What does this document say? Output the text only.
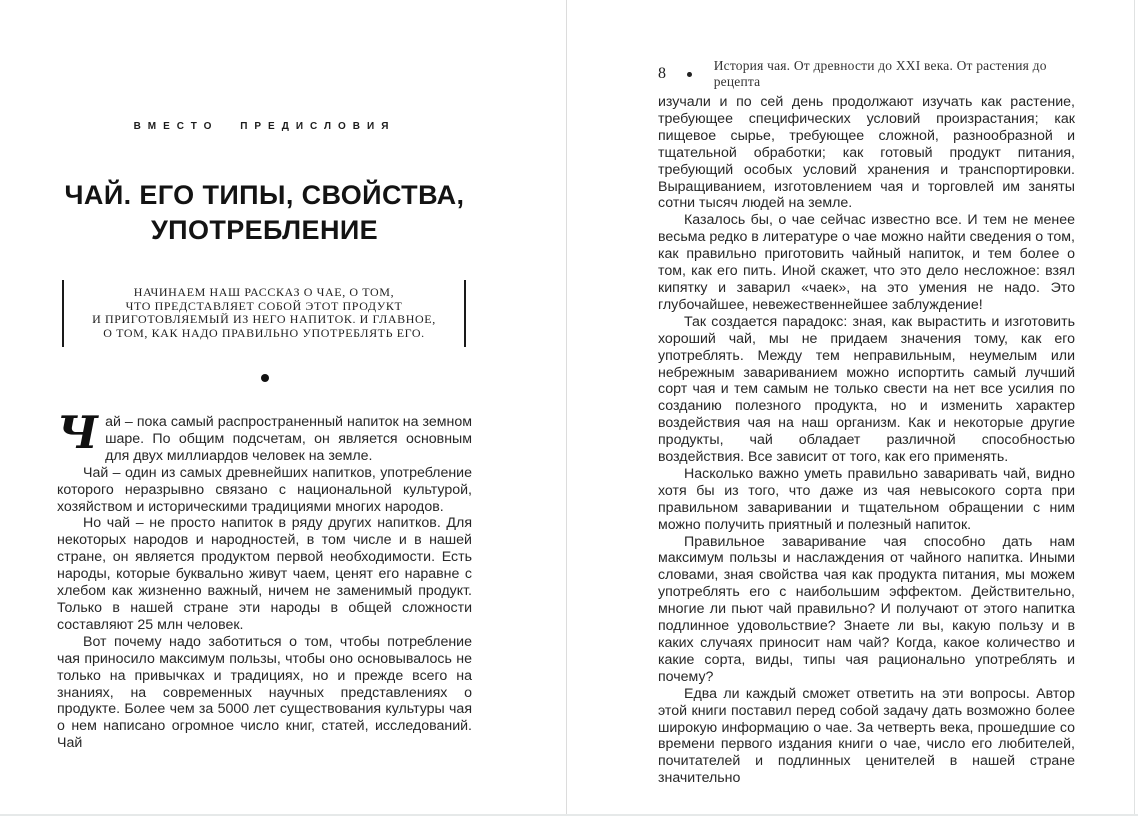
ВМЕСТО ПРЕДИСЛОВИЯ
ЧАЙ. ЕГО ТИПЫ, СВОЙСТВА,
УПОТРЕБЛЕНИЕ
НАЧИНАЕМ НАШ РАССКАЗ О ЧАЕ, О ТОМ,
ЧТО ПРЕДСТАВЛЯЕТ СОБОЙ ЭТОТ ПРОДУКТ
И ПРИГОТОВЛЯЕМЫЙ ИЗ НЕГО НАПИТОК. И ГЛАВНОЕ,
О ТОМ, КАК НАДО ПРАВИЛЬНО УПОТРЕБЛЯТЬ ЕГО.

Чай – пока самый распространенный напиток на земном шаре. По общим подсчетам, он является основным для двух миллиардов человек на земле.

Чай – один из самых древнейших напитков, употребление которого неразрывно связано с национальной культурой, хозяйством и историческими традициями многих народов.

Но чай – не просто напиток в ряду других напитков. Для некоторых народов и народностей, в том числе и в нашей стране, он является продуктом первой необходимости. Есть народы, которые буквально живут чаем, ценят его наравне с хлебом как жизненно важный, ничем не заменимый продукт. Только в нашей стране эти народы в общей сложности составляют 25 млн человек.

Вот почему надо заботиться о том, чтобы потребление чая приносило максимум пользы, чтобы оно основывалось не только на привычках и традициях, но и прежде всего на знаниях, на современных научных представлениях о продукте. Более чем за 5000 лет существования культуры чая о нем написано огромное число книг, статей, исследований. Чай

8	История чая. От древности до XXI века. От растения до рецепта

изучали и по сей день продолжают изучать как растение, требующее специфических условий произрастания; как пищевое сырье, требующее сложной, разнообразной и тщательной обработки; как готовый продукт питания, требующий особых условий хранения и транспортировки. Выращиванием, изготовлением чая и торговлей им заняты сотни тысяч людей на земле.

Казалось бы, о чае сейчас известно все. И тем не менее весьма редко в литературе о чае можно найти сведения о том, как правильно приготовить чайный напиток, и тем более о том, как его пить. Иной скажет, что это дело несложное: взял кипятку и заварил «чаек», на это умения не надо. Это глубочайшее, невежественнейшее заблуждение!

Так создается парадокс: зная, как вырастить и изготовить хороший чай, мы не придаем значения тому, как его употреблять. Между тем неправильным, неумелым или небрежным завариванием можно испортить самый лучший сорт чая и тем самым не только свести на нет все усилия по созданию полезного продукта, но и изменить характер воздействия чая на наш организм. Как и некоторые другие продукты, чай обладает различной способностью воздействия. Все зависит от того, как его применять.

Насколько важно уметь правильно заваривать чай, видно хотя бы из того, что даже из чая невысокого сорта при правильном заваривании и тщательном обращении с ним можно получить приятный и полезный напиток.

Правильное заваривание чая способно дать нам максимум пользы и наслаждения от чайного напитка. Иными словами, зная свойства чая как продукта питания, мы можем употреблять его с наибольшим эффектом. Действительно, многие ли пьют чай правильно? И получают от этого напитка подлинное удовольствие? Знаете ли вы, какую пользу и в каких случаях приносит нам чай? Когда, какое количество и какие сорта, виды, типы чая рационально употреблять и почему?

Едва ли каждый сможет ответить на эти вопросы. Автор этой книги поставил перед собой задачу дать возможно более широкую информацию о чае. За четверть века, прошедшие со времени первого издания книги о чае, число его любителей, почитателей и подлинных ценителей в нашей стране значительно
